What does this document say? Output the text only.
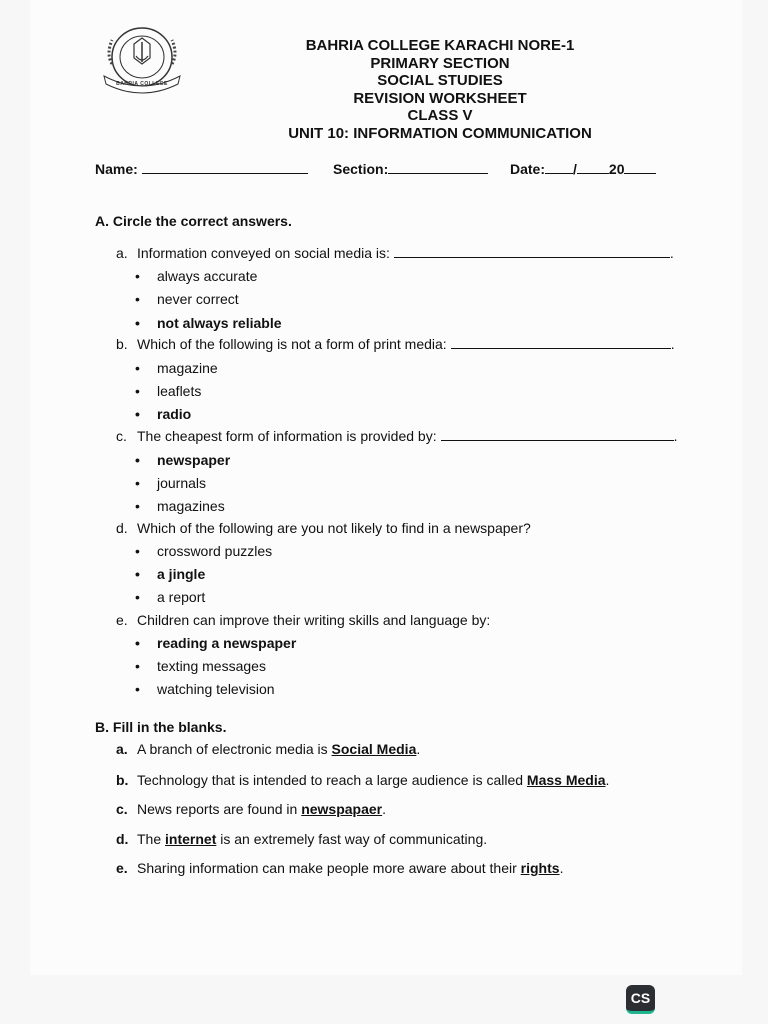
BAHRIA COLLEGE
BAHRIA COLLEGE KARACHI NORE-1
PRIMARY SECTION
SOCIAL STUDIES
REVISION WORKSHEET
CLASS V
UNIT 10: INFORMATION COMMUNICATION
Name:	Section:	Date: / 20
A. Circle the correct answers.
a. Information conveyed on social media is:	.
• always accurate
• never correct
• not always reliable
b. Which of the following is not a form of print media:	.
• magazine
• leaflets
• radio
c. The cheapest form of information is provided by:	.
• newspaper
• journals
• magazines
d. Which of the following are you not likely to find in a newspaper?
• crossword puzzles
• a jingle
• a report
e. Children can improve their writing skills and language by:
• reading a newspaper
• texting messages
• watching television
B. Fill in the blanks.
a. A branch of electronic media is Social Media.
b. Technology that is intended to reach a large audience is called Mass Media.
c. News reports are found in newspapaer.
d. The internet is an extremely fast way of communicating.
e. Sharing information can make people more aware about their rights.
CS
